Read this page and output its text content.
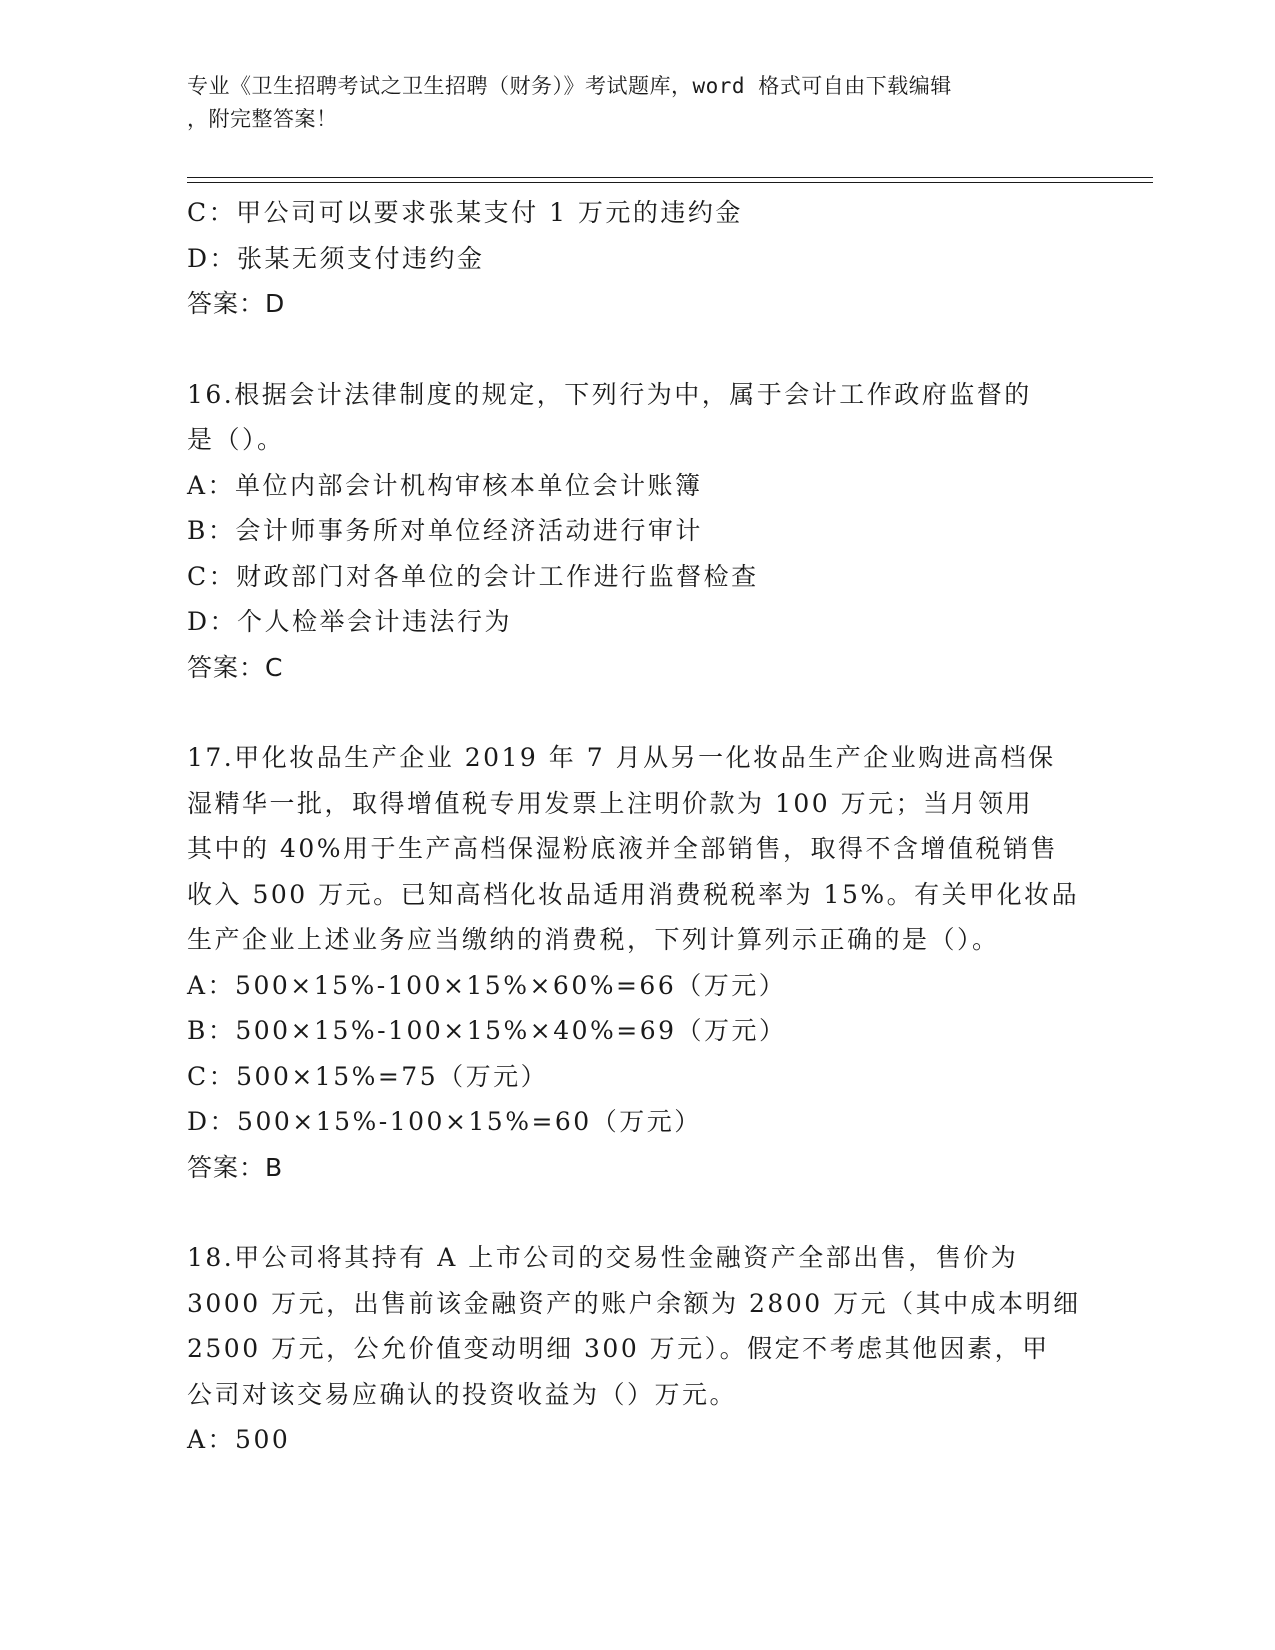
专业《卫生招聘考试之卫生招聘（财务）》考试题库，word 格式可自由下载编辑
，附完整答案！
C：甲公司可以要求张某支付 1 万元的违约金
D：张某无须支付违约金
答案：D
16.根据会计法律制度的规定，下列行为中，属于会计工作政府监督的
是（）。
A：单位内部会计机构审核本单位会计账簿
B：会计师事务所对单位经济活动进行审计
C：财政部门对各单位的会计工作进行监督检查
D：个人检举会计违法行为
答案：C
17.甲化妆品生产企业 2019 年 7 月从另一化妆品生产企业购进高档保
湿精华一批，取得增值税专用发票上注明价款为 100 万元；当月领用
其中的 40%用于生产高档保湿粉底液并全部销售，取得不含增值税销售
收入 500 万元。已知高档化妆品适用消费税税率为 15%。有关甲化妆品
生产企业上述业务应当缴纳的消费税，下列计算列示正确的是（）。
A：500×15%-100×15%×60%=66（万元）
B：500×15%-100×15%×40%=69（万元）
C：500×15%=75（万元）
D：500×15%-100×15%=60（万元）
答案：B
18.甲公司将其持有 A 上市公司的交易性金融资产全部出售，售价为
3000 万元，出售前该金融资产的账户余额为 2800 万元（其中成本明细
2500 万元，公允价值变动明细 300 万元）。假定不考虑其他因素，甲
公司对该交易应确认的投资收益为（）万元。
A：500
